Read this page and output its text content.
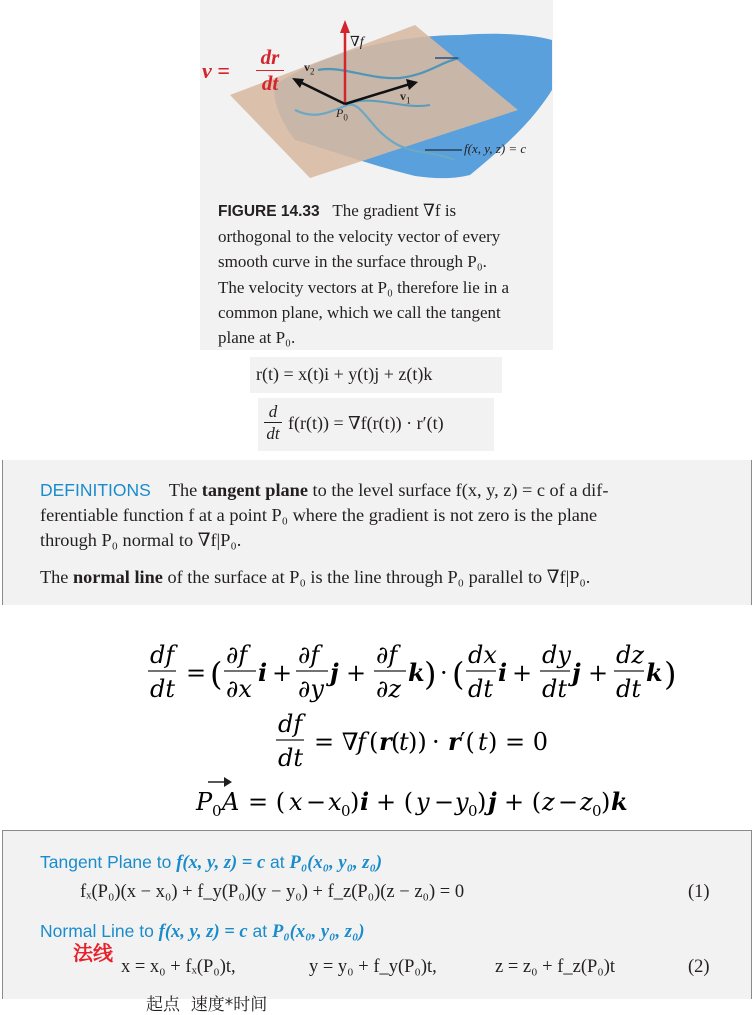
$v = \frac{dr}{dt} v_2$
$v_1$
∇f
$P_0$
f(x, y, z) = c
FIGURE 14.33 The gradient ∇f is
orthogonal to the velocity vector of every
smooth curve in the surface through P₀.
The velocity vectors at P₀ therefore lie in a
common plane, which we call the tangent
plane at P₀.
r(t) = x(t)i + y(t)j + z(t)k
$\frac{d}{dt} f(r(t)) = \nabla f(r(t)) \cdot r'(t)$
DEFINITIONS The tangent plane to the level surface f(x, y, z) = c of a dif-
ferentiable function f at a point P₀ where the gradient is not zero is the plane
through P₀ normal to ∇f|P₀.
The normal line of the surface at P₀ is the line through P₀ parallel to ∇f|P₀.
df
dt
= ( ∂f
∂x
i +
∂f
∂y
j +
∂f
∂z
k ) · ( dx
dt
i +
dy
dt
j +
dz
dt
k )
df
dt
= ∇
f ( r (
t )) · r ′( t ) = 0
P 0 A = ( x − x 0 ) i + ( y − y 0 ) j + ( z − z 0 ) k
Tangent Plane to f(x, y, z) = c at P₀(x₀, y₀, z₀)
fₓ(P₀)(x − x₀) + f_y(P₀)(y − y₀) + f_z(P₀)(z − z₀) = 0	(1)
Normal Line to f(x, y, z) = c at P₀(x₀, y₀, z₀)
x = x₀ + fₓ(P₀)t,	y = y₀ + f_y(P₀)t,	z = z₀ + f_z(P₀)t	(2)
法线
起点  速度*时间
